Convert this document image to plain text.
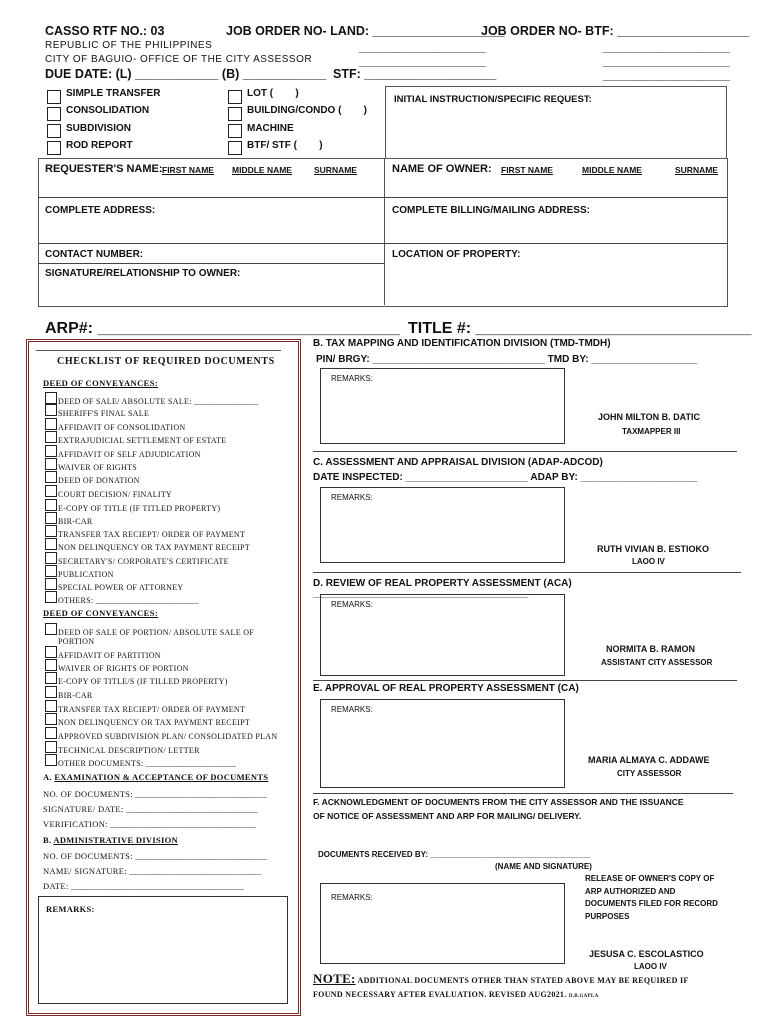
CASSO RTF NO.: 03	JOB ORDER NO- LAND: ___________________
JOB ORDER NO- BTF: ___________________
REPUBLIC OF THE PHILIPPINES
CITY OF BAGUIO- OFFICE OF THE CITY ASSESSOR
___________________
___________________
___________________
___________________
___________________
DUE DATE: (L) ____________ (B) ____________ STF: ___________________
SIMPLE TRANSFER
CONSOLIDATION
SUBDIVISION
ROD REPORT
LOT (        )
BUILDING/CONDO (        )
MACHINE
BTF/ STF (        )
INITIAL INSTRUCTION/SPECIFIC REQUEST:
REQUESTER'S NAME: FIRST NAME MIDDLE NAME	SURNAME	NAME OF OWNER: FIRST NAME	MIDDLE NAME	SURNAME
COMPLETE ADDRESS:	COMPLETE BILLING/MAILING ADDRESS:
CONTACT NUMBER:	LOCATION OF PROPERTY:
SIGNATURE/RELATIONSHIP TO OWNER:
ARP#: __________________________________ TITLE #: _______________________________
CHECKLIST OF REQUIRED DOCUMENTS
DEED OF CONVEYANCES:
DEED OF SALE/ ABSOLUTE SALE: _______________
SHERIFF'S FINAL SALE
AFFIDAVIT OF CONSOLIDATION
EXTRAJUDICIAL SETTLEMENT OF ESTATE
AFFIDAVIT OF SELF ADJUDICATION
WAIVER OF RIGHTS
DEED OF DONATION
COURT DECISION/ FINALITY
E-COPY OF TITLE (IF TITLED PROPERTY)
BIR-CAR
TRANSFER TAX RECIEPT/ ORDER OF PAYMENT
NON DELINQUENCY OR TAX PAYMENT RECEIPT
SECRETARY'S/ CORPORATE'S CERTIFICATE
PUBLICATION
SPECIAL POWER OF ATTORNEY
OTHERS: ________________________
DEED OF CONVEYANCES:
DEED OF SALE OF PORTION/ ABSOLUTE SALE OF
PORTION
AFFIDAVIT OF PARTITION
WAIVER OF RIGHTS OF PORTION
E-COPY OF TITLE/S (IF TILLED PROPERTY)
BIR-CAR
TRANSFER TAX RECIEPT/ ORDER OF PAYMENT
NON DELINQUENCY OR TAX PAYMENT RECEIPT
APPROVED SUBDIVISION PLAN/ CONSOLIDATED PLAN
TECHNICAL DESCRIPTION/ LETTER
OTHER DOCUMENTS: _____________________
A. EXAMINATION & ACCEPTANCE OF DOCUMENTS
NO. OF DOCUMENTS: _____________________________
SIGNATURE/ DATE: _____________________________
VERIFICATION: ________________________________
B. ADMINISTRATIVE DIVISION
NO. OF DOCUMENTS: _____________________________
NAME/ SIGNATURE: _____________________________
DATE: ______________________________________
REMARKS:
B. TAX MAPPING AND IDENTIFICATION DIVISION (TMD-TMDH)
PIN/ BRGY: _______________________________ TMD BY: ___________________
REMARKS:
JOHN MILTON B. DATIC
TAXMAPPER III
C. ASSESSMENT AND APPRAISAL DIVISION (ADAP-ADCOD)
DATE INSPECTED: ______________________ ADAP BY: _____________________
REMARKS:
RUTH VIVIAN B. ESTIOKO
LAOO IV
D. REVIEW OF REAL PROPERTY ASSESSMENT (ACA)
___________________________________________
REMARKS:
NORMITA B. RAMON
ASSISTANT CITY ASSESSOR
E. APPROVAL OF REAL PROPERTY ASSESSMENT (CA)
REMARKS:
MARIA ALMAYA C. ADDAWE
CITY ASSESSOR
F. ACKNOWLEDGMENT OF DOCUMENTS FROM THE CITY ASSESSOR AND THE ISSUANCE
OF NOTICE OF ASSESSMENT AND ARP FOR MAILING/ DELIVERY.
DOCUMENTS RECEIVED BY: ____________________________________
(NAME AND SIGNATURE)
REMARKS:
RELEASE OF OWNER'S COPY OF
ARP AUTHORIZED AND
DOCUMENTS FILED FOR RECORD
PURPOSES
JESUSA C. ESCOLASTICO
LAOO IV
NOTE: ADDITIONAL DOCUMENTS OTHER THAN STATED ABOVE MAY BE REQUIRED IF
FOUND NECESSARY AFTER EVALUATION. REVISED AUG2021. D.B.GAPLA
